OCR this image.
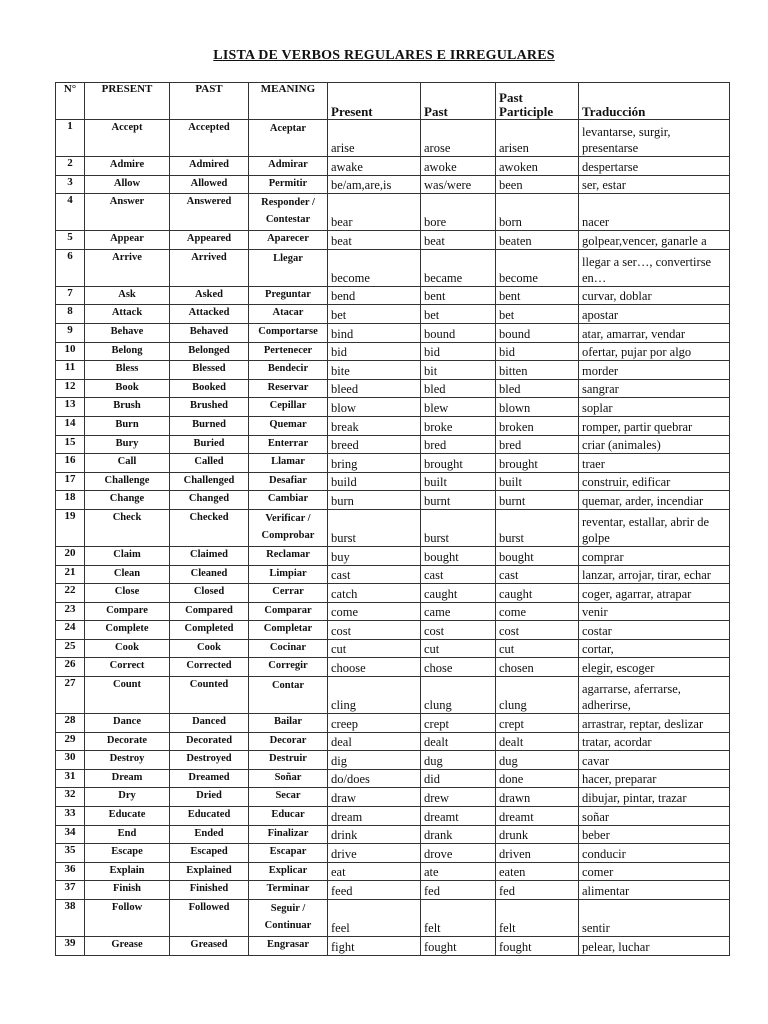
LISTA DE VERBOS REGULARES E IRREGULARES
N°	PRESENT	PAST	MEANING	Present	Past	Past Participle	Traducción
1	Accept	Accepted	Aceptar	arise	arose	arisen	levantarse, surgir, presentarse
2	Admire	Admired	Admirar	awake	awoke	awoken	despertarse
3	Allow	Allowed	Permitir	be/am,are,is	was/were	been	ser, estar
4	Answer	Answered	Responder / Contestar	bear	bore	born	nacer
5	Appear	Appeared	Aparecer	beat	beat	beaten	golpear,vencer, ganarle a
6	Arrive	Arrived	Llegar	become	became	become	llegar a ser…, convertirse en…
7	Ask	Asked	Preguntar	bend	bent	bent	curvar, doblar
8	Attack	Attacked	Atacar	bet	bet	bet	apostar
9	Behave	Behaved	Comportarse	bind	bound	bound	atar, amarrar, vendar
10	Belong	Belonged	Pertenecer	bid	bid	bid	ofertar, pujar por algo
11	Bless	Blessed	Bendecir	bite	bit	bitten	morder
12	Book	Booked	Reservar	bleed	bled	bled	sangrar
13	Brush	Brushed	Cepillar	blow	blew	blown	soplar
14	Burn	Burned	Quemar	break	broke	broken	romper, partir quebrar
15	Bury	Buried	Enterrar	breed	bred	bred	criar (animales)
16	Call	Called	Llamar	bring	brought	brought	traer
17	Challenge	Challenged	Desafiar	build	built	built	construir, edificar
18	Change	Changed	Cambiar	burn	burnt	burnt	quemar, arder, incendiar
19	Check	Checked	Verificar / Comprobar	burst	burst	burst	reventar, estallar, abrir de golpe
20	Claim	Claimed	Reclamar	buy	bought	bought	comprar
21	Clean	Cleaned	Limpiar	cast	cast	cast	lanzar, arrojar, tirar, echar
22	Close	Closed	Cerrar	catch	caught	caught	coger, agarrar, atrapar
23	Compare	Compared	Comparar	come	came	come	venir
24	Complete	Completed	Completar	cost	cost	cost	costar
25	Cook	Cook	Cocinar	cut	cut	cut	cortar,
26	Correct	Corrected	Corregir	choose	chose	chosen	elegir, escoger
27	Count	Counted	Contar	cling	clung	clung	agarrarse, aferrarse, adherirse,
28	Dance	Danced	Bailar	creep	crept	crept	arrastrar, reptar, deslizar
29	Decorate	Decorated	Decorar	deal	dealt	dealt	tratar, acordar
30	Destroy	Destroyed	Destruir	dig	dug	dug	cavar
31	Dream	Dreamed	Soñar	do/does	did	done	hacer, preparar
32	Dry	Dried	Secar	draw	drew	drawn	dibujar, pintar, trazar
33	Educate	Educated	Educar	dream	dreamt	dreamt	soñar
34	End	Ended	Finalizar	drink	drank	drunk	beber
35	Escape	Escaped	Escapar	drive	drove	driven	conducir
36	Explain	Explained	Explicar	eat	ate	eaten	comer
37	Finish	Finished	Terminar	feed	fed	fed	alimentar
38	Follow	Followed	Seguir / Continuar	feel	felt	felt	sentir
39	Grease	Greased	Engrasar	fight	fought	fought	pelear, luchar
